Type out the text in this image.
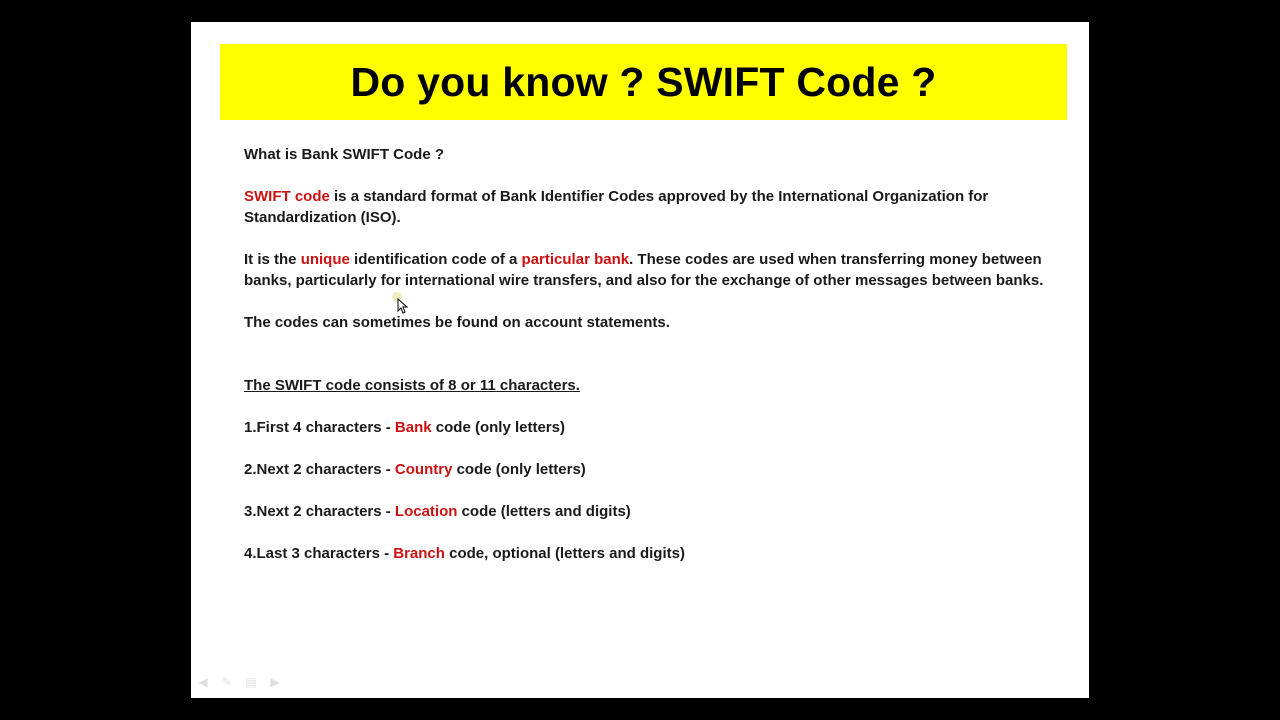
Do you know ? SWIFT Code ?

What is Bank SWIFT Code ?

SWIFT code is a standard format of Bank Identifier Codes approved by the International Organization for Standardization (ISO).

It is the unique identification code of a particular bank. These codes are used when transferring money between banks, particularly for international wire transfers, and also for the exchange of other messages between banks.

The codes can sometimes be found on account statements.

The SWIFT code consists of 8 or 11 characters.

1.First 4 characters - Bank code (only letters)

2.Next 2 characters - Country code (only letters)

3.Next 2 characters - Location code (letters and digits)

4.Last 3 characters - Branch code, optional (letters and digits)

◀ ✎ ▤ ▶
